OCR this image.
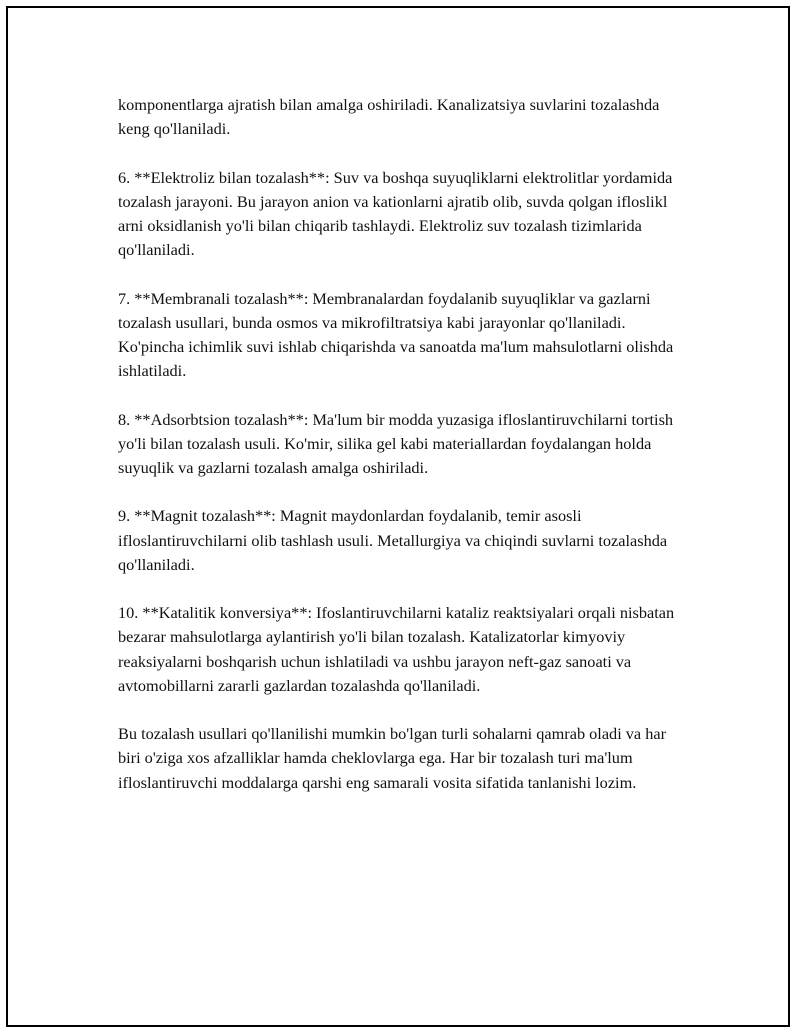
komponentlarga ajratish bilan amalga oshiriladi. Kanalizatsiya suvlarini tozalashda keng qo'llaniladi.

6. **Elektroliz bilan tozalash**: Suv va boshqa suyuqliklarni elektrolitlar yordamida tozalash jarayoni. Bu jarayon anion va kationlarni ajratib olib, suvda qolgan ifloslikl arni oksidlanish yo'li bilan chiqarib tashlaydi. Elektroliz suv tozalash tizimlarida qo'llaniladi.

7. **Membranali tozalash**: Membranalardan foydalanib suyuqliklar va gazlarni tozalash usullari, bunda osmos va mikrofiltratsiya kabi jarayonlar qo'llaniladi. Ko'pincha ichimlik suvi ishlab chiqarishda va sanoatda ma'lum mahsulotlarni olishda ishlatiladi.

8. **Adsorbtsion tozalash**: Ma'lum bir modda yuzasiga ifloslantiruvchilarni tortish yo'li bilan tozalash usuli. Ko'mir, silika gel kabi materiallardan foydalangan holda suyuqlik va gazlarni tozalash amalga oshiriladi.

9. **Magnit tozalash**: Magnit maydonlardan foydalanib, temir asosli ifloslantiruvchilarni olib tashlash usuli. Metallurgiya va chiqindi suvlarni tozalashda qo'llaniladi.

10. **Katalitik konversiya**: Ifoslantiruvchilarni kataliz reaktsiyalari orqali nisbatan bezarar mahsulotlarga aylantirish yo'li bilan tozalash. Katalizatorlar kimyoviy reaksiyalarni boshqarish uchun ishlatiladi va ushbu jarayon neft-gaz sanoati va avtomobillarni zararli gazlardan tozalashda qo'llaniladi.

Bu tozalash usullari qo'llanilishi mumkin bo'lgan turli sohalarni qamrab oladi va har biri o'ziga xos afzalliklar hamda cheklovlarga ega. Har bir tozalash turi ma'lum ifloslantiruvchi moddalarga qarshi eng samarali vosita sifatida tanlanishi lozim.
